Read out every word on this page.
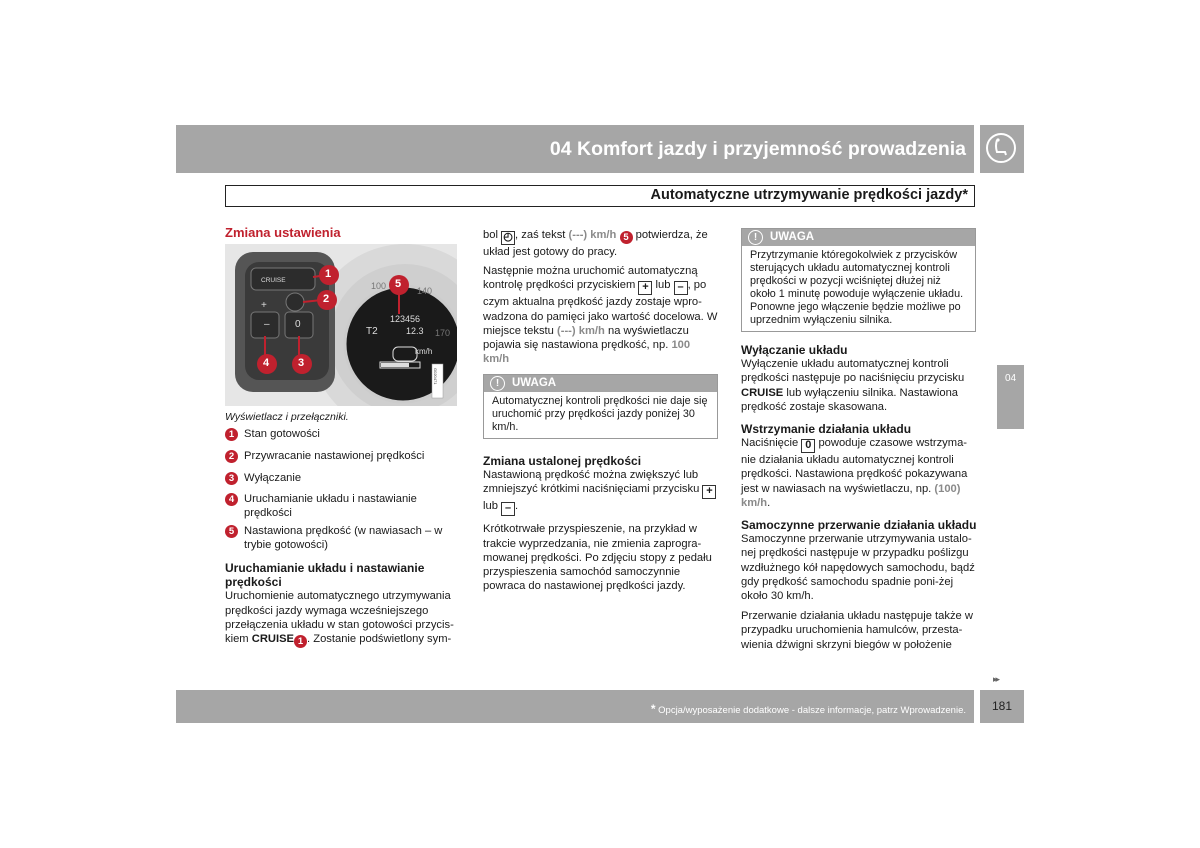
04 Komfort jazdy i przyjemność prowadzenia
Automatyczne utrzymywanie prędkości jazdy*
Zmiana ustawienia
CRUISE
+
–	0
1
2
3
4
5
100	140
170
T2
123456
12.3
km/h
G020471
Wyświetlacz i przełączniki.
1 Stan gotowości
2 Przywracanie nastawionej prędkości
3 Wyłączanie
4 Uruchamianie układu i nastawianie prędkości
5 Nastawiona prędkość (w nawiasach – w trybie gotowości)

Uruchamianie układu i nastawianie prędkości

Uruchomienie automatycznego utrzymywania prędkości jazdy wymaga wcześniejszego przełączenia układu w stan gotowości przycis-kiem CRUISE 1 . Zostanie podświetlony sym-

bol ◴ , zaś tekst (---) km/h 5 potwierdza, że układ jest gotowy do pracy.

Następnie można uruchomić automatyczną kontrolę prędkości przyciskiem + lub – , po czym aktualna prędkość jazdy zostaje wpro-wadzona do pamięci jako wartość docelowa. W miejsce tekstu (---) km/h na wyświetlaczu pojawia się nastawiona prędkość, np. 100 km/h

!	UWAGA
Automatycznej kontroli prędkości nie daje się uruchomić przy prędkości jazdy poniżej 30 km/h.

Zmiana ustalonej prędkości

Nastawioną prędkość można zwiększyć lub zmniejszyć krótkimi naciśnięciami przycisku + lub – .

Krótkotrwałe przyspieszenie, na przykład w trakcie wyprzedzania, nie zmienia zaprogra-mowanej prędkości. Po zdjęciu stopy z pedału przyspieszenia samochód samoczynnie powraca do nastawionej prędkości jazdy.

!	UWAGA
Przytrzymanie któregokolwiek z przycisków sterujących układu automatycznej kontroli prędkości w pozycji wciśniętej dłużej niż około 1 minutę powoduje wyłączenie układu. Ponowne jego włączenie będzie możliwe po uprzednim wyłączeniu silnika.

Wyłączanie układu

Wyłączenie układu automatycznej kontroli prędkości następuje po naciśnięciu przycisku CRUISE lub wyłączeniu silnika. Nastawiona prędkość zostaje skasowana.

Wstrzymanie działania układu

Naciśnięcie 0 powoduje czasowe wstrzyma-nie działania układu automatycznej kontroli prędkości. Nastawiona prędkość pokazywana jest w nawiasach na wyświetlaczu, np. (100) km/h.

Samoczynne przerwanie działania układu

Samoczynne przerwanie utrzymywania ustalo-nej prędkości następuje w przypadku poślizgu wzdłużnego kół napędowych samochodu, bądź gdy prędkość samochodu spadnie poni-żej około 30 km/h.

Przerwanie działania układu następuje także w przypadku uruchomienia hamulców, przesta-wienia dźwigni skrzyni biegów w położenie

04
▸▸
* Opcja/wyposażenie dodatkowe - dalsze informacje, patrz Wprowadzenie.	181
